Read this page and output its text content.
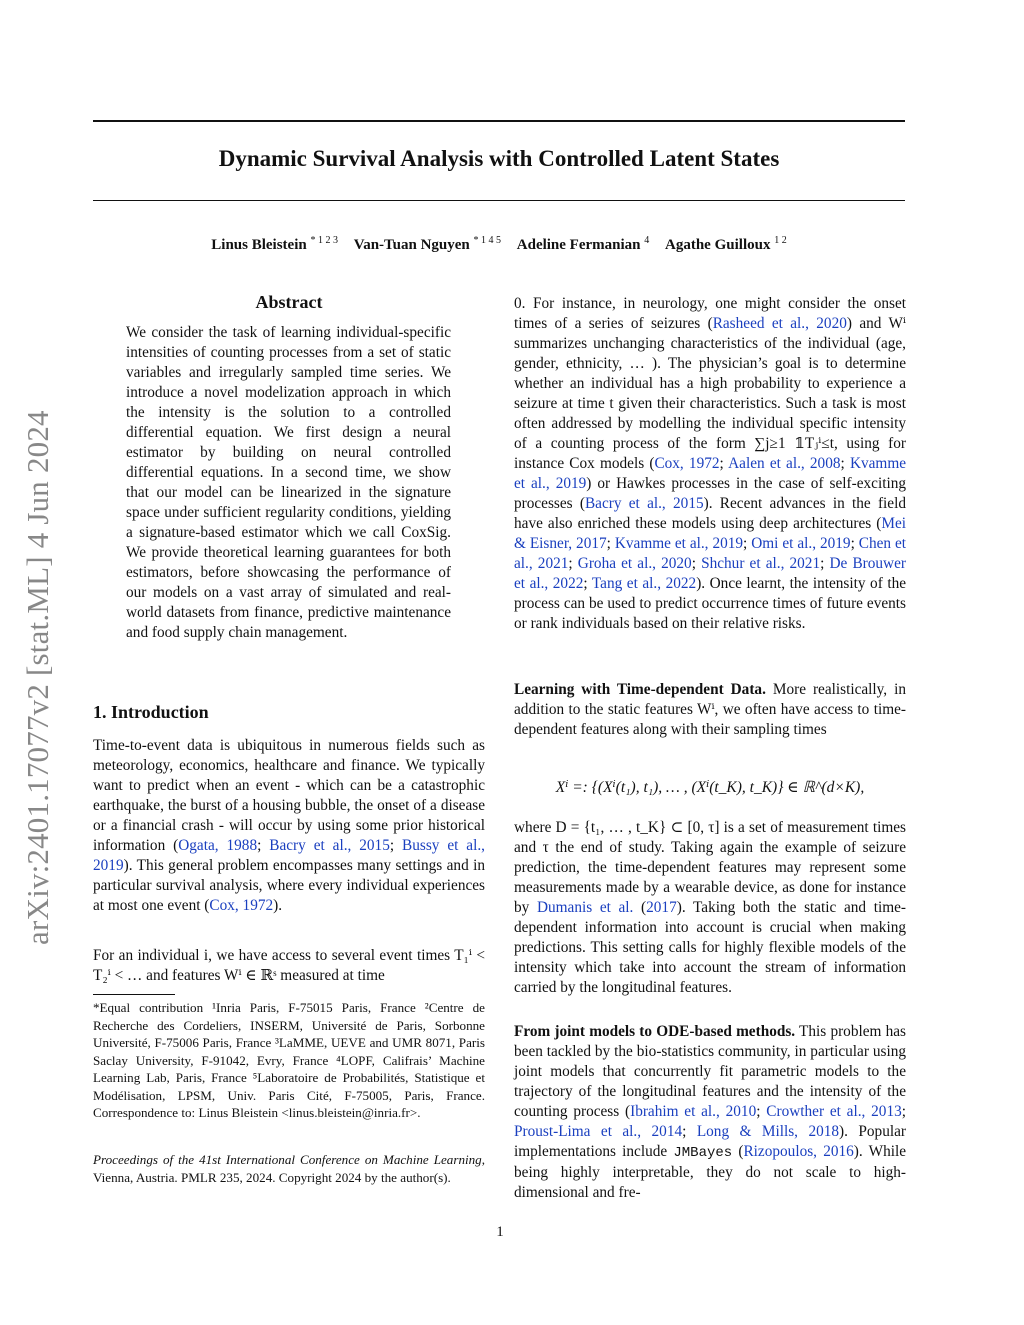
Dynamic Survival Analysis with Controlled Latent States
Linus Bleistein $^{* 1 2 3}$ Van-Tuan Nguyen $^{* 1 4 5}$ Adeline Fermanian $^4$ Agathe Guilloux $^{1 2}$
arXiv:2401.17077v2 [stat.ML] 4 Jun 2024
Abstract
We consider the task of learning individual-specific intensities of counting processes from a set of static variables and irregularly sampled time series. We introduce a novel modelization approach in which the intensity is the solution to a controlled differential equation. We first design a neural estimator by building on neural controlled differential equations. In a second time, we show that our model can be linearized in the signature space under sufficient regularity conditions, yielding a signature-based estimator which we call CoxSig. We provide theoretical learning guarantees for both estimators, before showcasing the performance of our models on a vast array of simulated and real-world datasets from finance, predictive maintenance and food supply chain management.
1. Introduction
Time-to-event data is ubiquitous in numerous fields such as meteorology, economics, healthcare and finance. We typically want to predict when an event - which can be a catastrophic earthquake, the burst of a housing bubble, the onset of a disease or a financial crash - will occur by using some prior historical information (Ogata, 1988; Bacry et al., 2015; Bussy et al., 2019). This general problem encompasses many settings and in particular survival analysis, where every individual experiences at most one event (Cox, 1972).
For an individual i, we have access to several event times T₁ⁱ < T₂ⁱ < … and features Wⁱ ∈ ℝˢ measured at time
*Equal contribution ¹Inria Paris, F-75015 Paris, France ²Centre de Recherche des Cordeliers, INSERM, Université de Paris, Sorbonne Université, F-75006 Paris, France ³LaMME, UEVE and UMR 8071, Paris Saclay University, F-91042, Evry, France ⁴LOPF, Califrais’ Machine Learning Lab, Paris, France ⁵Laboratoire de Probabilités, Statistique et Modélisation, LPSM, Univ. Paris Cité, F-75005, Paris, France. Correspondence to: Linus Bleistein <linus.bleistein@inria.fr>.
Proceedings of the 41st International Conference on Machine Learning, Vienna, Austria. PMLR 235, 2024. Copyright 2024 by the author(s).
0. For instance, in neurology, one might consider the onset times of a series of seizures (Rasheed et al., 2020) and Wⁱ summarizes unchanging characteristics of the individual (age, gender, ethnicity, … ). The physician’s goal is to determine whether an individual has a high probability to experience a seizure at time t given their characteristics. Such a task is most often addressed by modelling the individual specific intensity of a counting process of the form ∑j≥1 𝟙Tⱼⁱ≤t, using for instance Cox models (Cox, 1972; Aalen et al., 2008; Kvamme et al., 2019) or Hawkes processes in the case of self-exciting processes (Bacry et al., 2015). Recent advances in the field have also enriched these models using deep architectures (Mei & Eisner, 2017; Kvamme et al., 2019; Omi et al., 2019; Chen et al., 2021; Groha et al., 2020; Shchur et al., 2021; De Brouwer et al., 2022; Tang et al., 2022). Once learnt, the intensity of the process can be used to predict occurrence times of future events or rank individuals based on their relative risks.
Learning with Time-dependent Data. More realistically, in addition to the static features Wⁱ, we often have access to time-dependent features along with their sampling times
Xⁱ =: {(Xⁱ(t₁), t₁), … , (Xⁱ(t_K), t_K)} ∈ ℝ^(d×K),
where D = {t₁, … , t_K} ⊂ [0, τ] is a set of measurement times and τ the end of study. Taking again the example of seizure prediction, the time-dependent features may represent some measurements made by a wearable device, as done for instance by Dumanis et al. (2017). Taking both the static and time-dependent information into account is crucial when making predictions. This setting calls for highly flexible models of the intensity which take into account the stream of information carried by the longitudinal features.
From joint models to ODE-based methods. This problem has been tackled by the bio-statistics community, in particular using joint models that concurrently fit parametric models to the trajectory of the longitudinal features and the intensity of the counting process (Ibrahim et al., 2010; Crowther et al., 2013; Proust-Lima et al., 2014; Long & Mills, 2018). Popular implementations include JMBayes (Rizopoulos, 2016). While being highly interpretable, they do not scale to high-dimensional and fre-
1
